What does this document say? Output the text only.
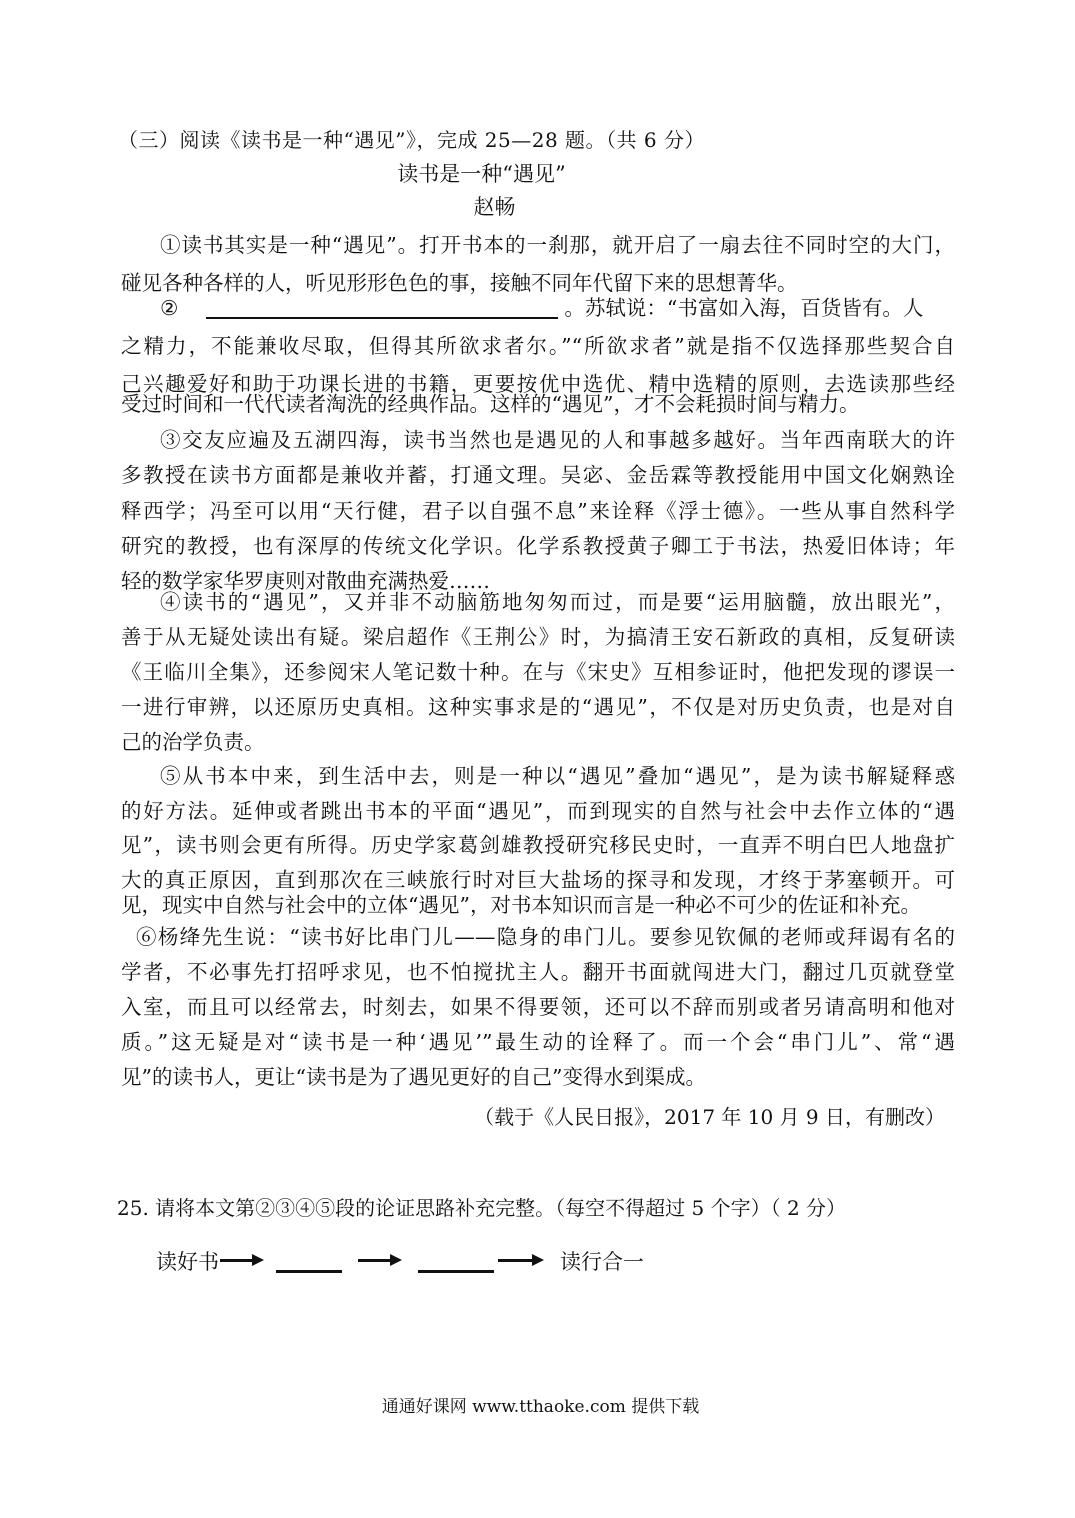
（三）阅读《读书是一种“遇见”》，完成 25—28 题。（共 6 分）
读书是一种“遇见”
赵畅
①读书其实是一种“遇见”。打开书本的一刹那，就开启了一扇去往不同时空的大门，
碰见各种各样的人，听见形形色色的事，接触不同年代留下来的思想菁华。
②	。苏轼说：“书富如入海，百货皆有。人
之精力，不能兼收尽取，但得其所欲求者尔。”“所欲求者”就是指不仅选择那些契合自
己兴趣爱好和助于功课长进的书籍，更要按优中选优、精中选精的原则，去选读那些经
受过时间和一代代读者淘洗的经典作品。这样的“遇见”，才不会耗损时间与精力。
③交友应遍及五湖四海，读书当然也是遇见的人和事越多越好。当年西南联大的许
多教授在读书方面都是兼收并蓄，打通文理。吴宓、金岳霖等教授能用中国文化娴熟诠
释西学；冯至可以用“天行健，君子以自强不息”来诠释《浮士德》。一些从事自然科学
研究的教授，也有深厚的传统文化学识。化学系教授黄子卿工于书法，热爱旧体诗；年
轻的数学家华罗庚则对散曲充满热爱……
④读书的“遇见”，又并非不动脑筋地匆匆而过，而是要“运用脑髓，放出眼光”，
善于从无疑处读出有疑。梁启超作《王荆公》时，为搞清王安石新政的真相，反复研读
《王临川全集》，还参阅宋人笔记数十种。在与《宋史》互相参证时，他把发现的谬误一
一进行审辨，以还原历史真相。这种实事求是的“遇见”，不仅是对历史负责，也是对自
己的治学负责。
⑤从书本中来，到生活中去，则是一种以“遇见”叠加“遇见”，是为读书解疑释惑
的好方法。延伸或者跳出书本的平面“遇见”，而到现实的自然与社会中去作立体的“遇
见”，读书则会更有所得。历史学家葛剑雄教授研究移民史时，一直弄不明白巴人地盘扩
大的真正原因，直到那次在三峡旅行时对巨大盐场的探寻和发现，才终于茅塞顿开。可
见，现实中自然与社会中的立体“遇见”，对书本知识而言是一种必不可少的佐证和补充。
⑥杨绛先生说：“读书好比串门儿——隐身的串门儿。要参见钦佩的老师或拜谒有名的
学者，不必事先打招呼求见，也不怕搅扰主人。翻开书面就闯进大门，翻过几页就登堂
入室，而且可以经常去，时刻去，如果不得要领，还可以不辞而别或者另请高明和他对
质。”这无疑是对“读书是一种‘遇见’”最生动的诠释了。而一个会“串门儿”、常“遇
见”的读书人，更让“读书是为了遇见更好的自己”变得水到渠成。
（载于《人民日报》，2017 年 10 月 9 日，有删改）
25. 请将本文第②③④⑤段的论证思路补充完整。（每空不得超过 5 个字）（ 2 分）
读好书	读行合一
通通好课网 www.tthaoke.com 提供下载
